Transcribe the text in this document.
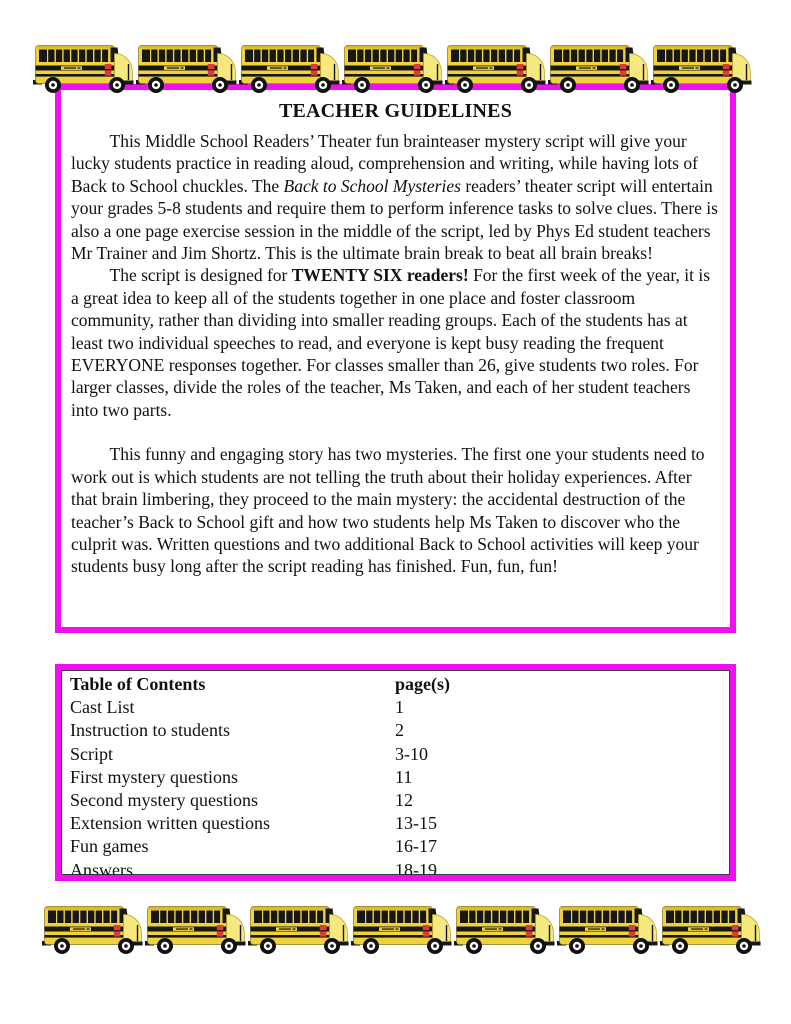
TEACHER GUIDELINES

This Middle School Readers’ Theater fun brainteaser mystery script will give your lucky students practice in reading aloud, comprehension and writing, while having lots of Back to School chuckles. The Back to School Mysteries readers’ theater script will entertain your grades 5-8 students and require them to perform inference tasks to solve clues. There is also a one page exercise session in the middle of the script, led by Phys Ed student teachers Mr Trainer and Jim Shortz. This is the ultimate brain break to beat all brain breaks!

The script is designed for TWENTY SIX readers! For the first week of the year, it is a great idea to keep all of the students together in one place and foster classroom community, rather than dividing into smaller reading groups. Each of the students has at least two individual speeches to read, and everyone is kept busy reading the frequent EVERYONE responses together. For classes smaller than 26, give students two roles. For larger classes, divide the roles of the teacher, Ms Taken, and each of her student teachers into two parts.

This funny and engaging story has two mysteries. The first one your students need to work out is which students are not telling the truth about their holiday experiences. After that brain limbering, they proceed to the main mystery: the accidental destruction of the teacher’s Back to School gift and how two students help Ms Taken to discover who the culprit was. Written questions and two additional Back to School activities will keep your students busy long after the script reading has finished. Fun, fun, fun!

Table of Contents	page(s)
Cast List	1
Instruction to students	2
Script	3-10
First mystery questions	11
Second mystery questions	12
Extension written questions	13-15
Fun games	16-17
Answers	18-19
